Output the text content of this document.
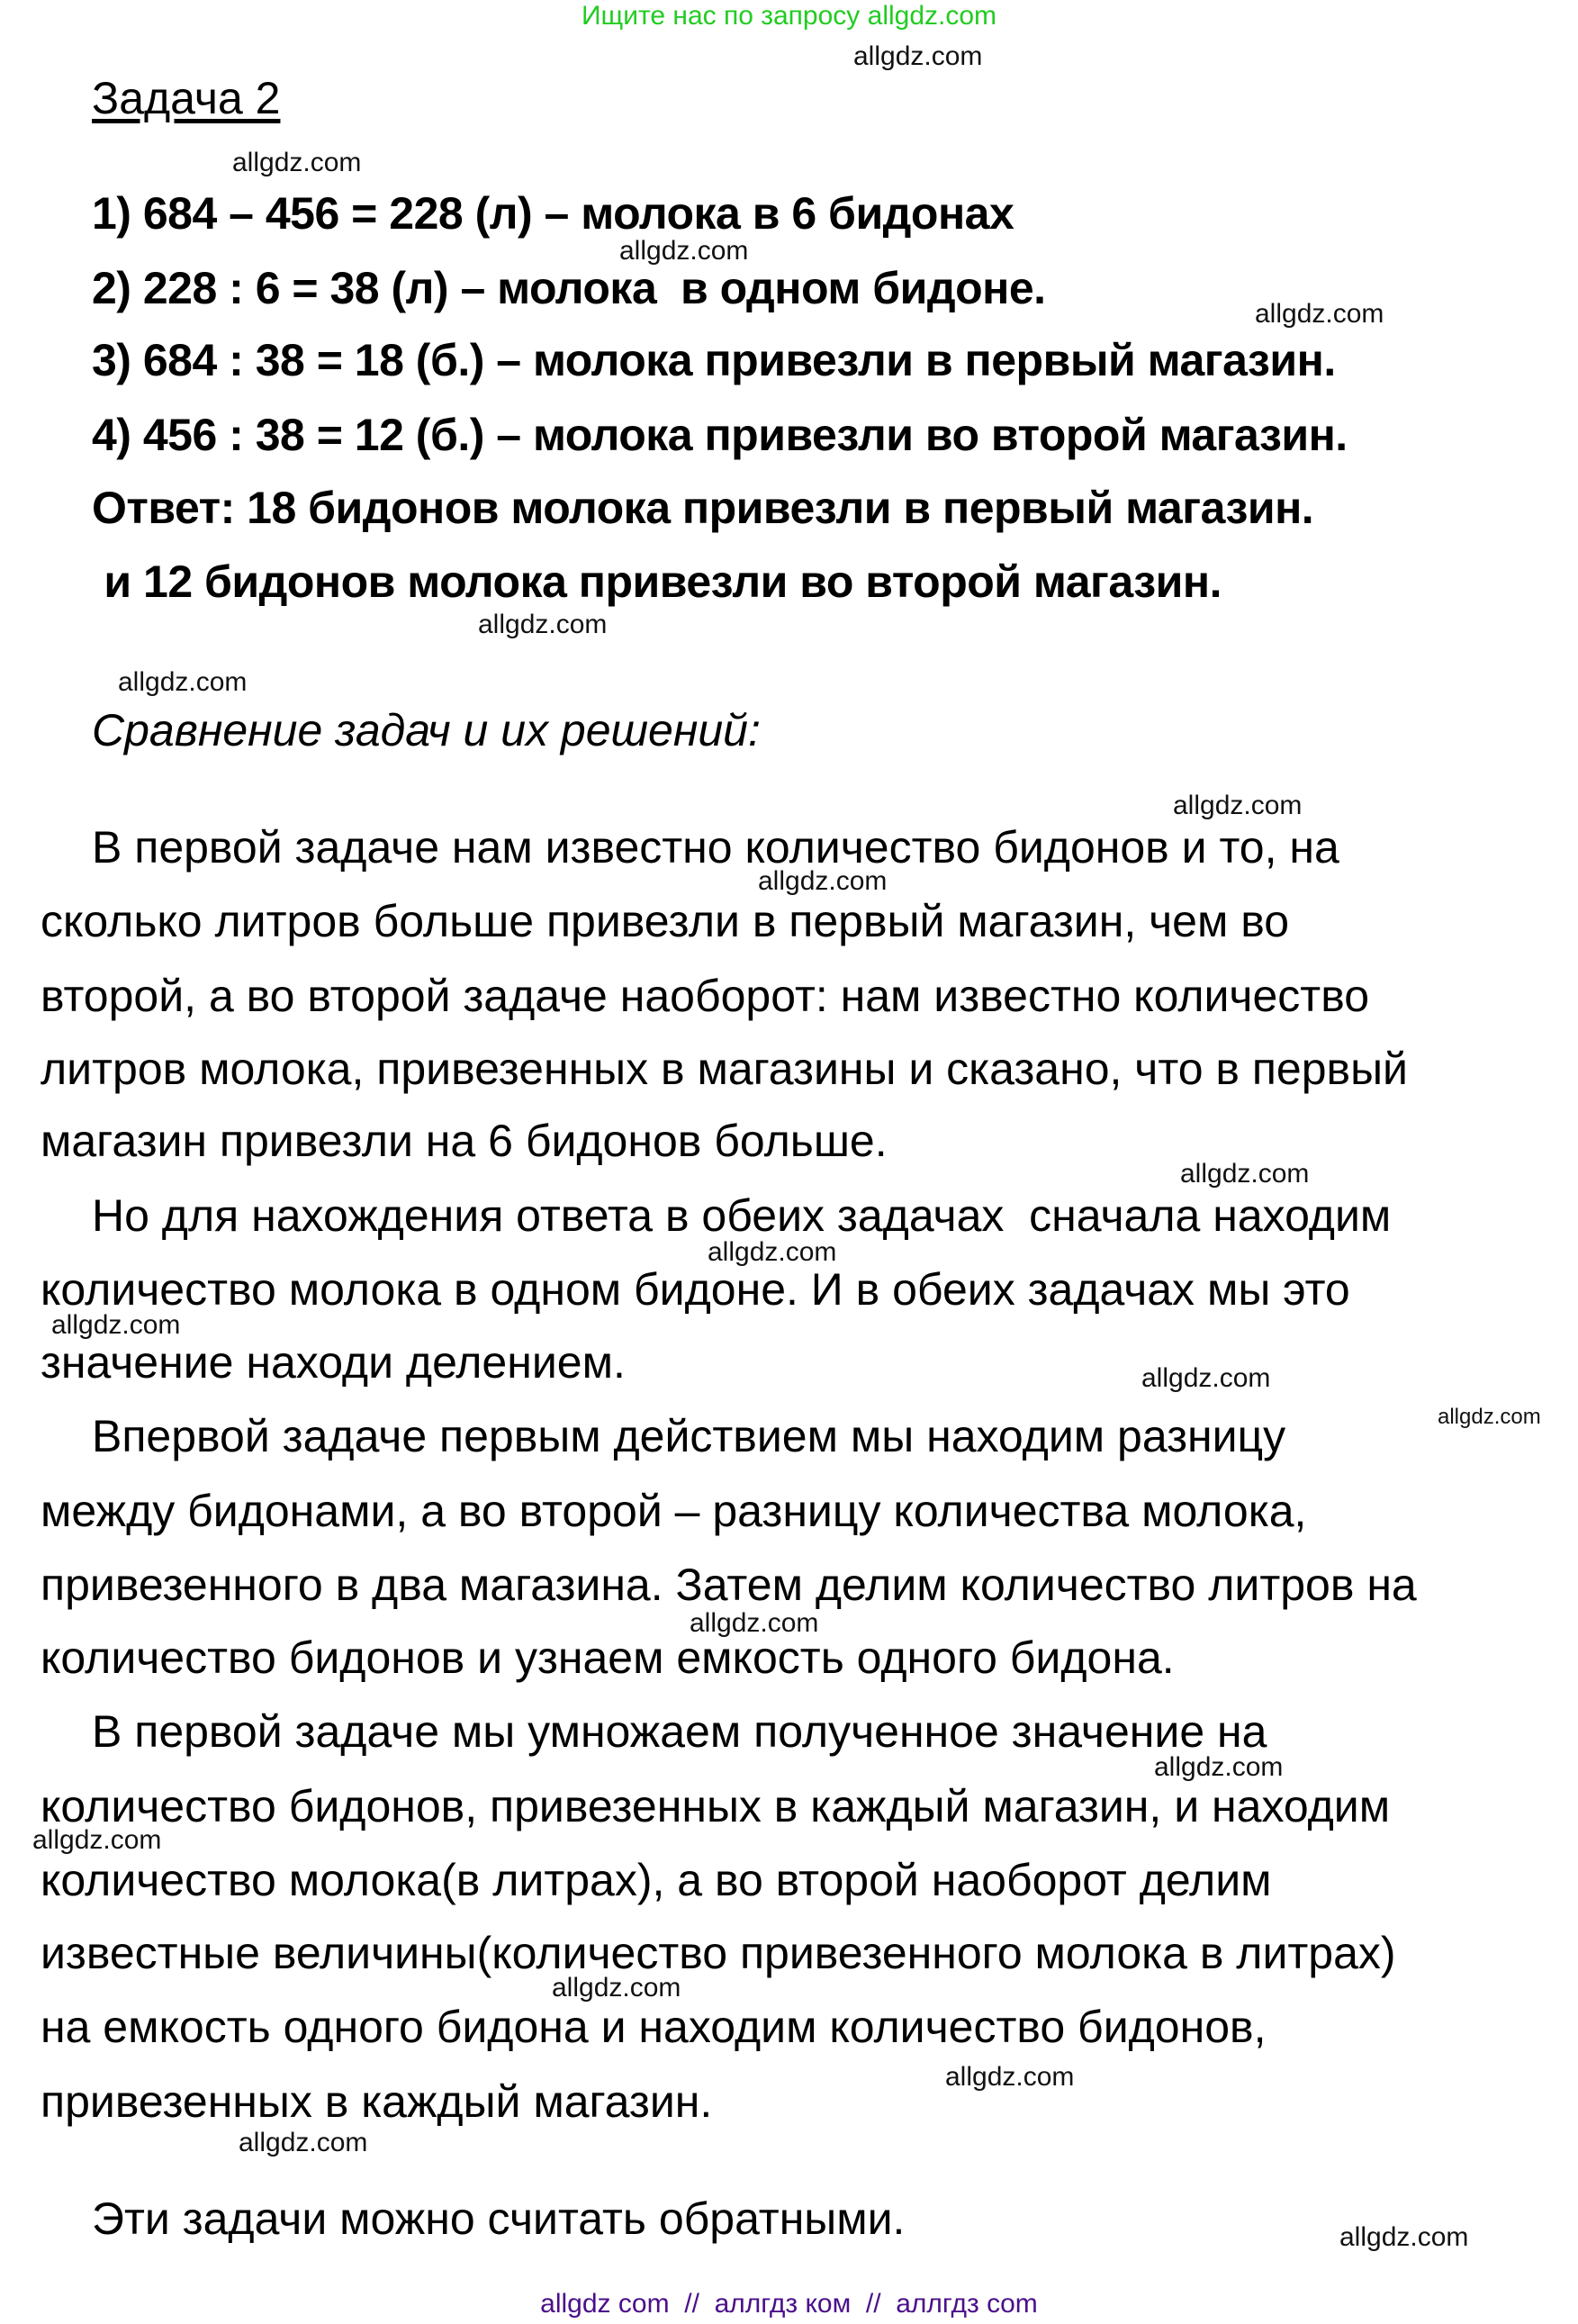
Ищите нас по запросу allgdz.com
Задача 2
1) 684 – 456 = 228 (л) – молока в 6 бидонах
2) 228 : 6 = 38 (л) – молока  в одном бидоне.
3) 684 : 38 = 18 (б.) – молока привезли в первый магазин.
4) 456 : 38 = 12 (б.) – молока привезли во второй магазин.
Ответ: 18 бидонов молока привезли в первый магазин.
и 12 бидонов молока привезли во второй магазин.
Сравнение задач и их решений:
В первой задаче нам известно количество бидонов и то, на
сколько литров больше привезли в первый магазин, чем во
второй, а во второй задаче наоборот: нам известно количество
литров молока, привезенных в магазины и сказано, что в первый
магазин привезли на 6 бидонов больше.
Но для нахождения ответа в обеих задачах  сначала находим
количество молока в одном бидоне. И в обеих задачах мы это
значение находи делением.
Впервой задаче первым действием мы находим разницу
между бидонами, а во второй – разницу количества молока,
привезенного в два магазина. Затем делим количество литров на
количество бидонов и узнаем емкость одного бидона.
В первой задаче мы умножаем полученное значение на
количество бидонов, привезенных в каждый магазин, и находим
количество молока(в литрах), а во второй наоборот делим
известные величины(количество привезенного молока в литрах)
на емкость одного бидона и находим количество бидонов,
привезенных в каждый магазин.
Эти задачи можно считать обратными.
allgdz.com
allgdz.com
allgdz.com
allgdz.com
allgdz.com
allgdz.com
allgdz.com
allgdz.com
allgdz.com
allgdz.com
allgdz.com
allgdz.com
allgdz.com
allgdz.com
allgdz.com
allgdz.com
allgdz.com
allgdz.com
allgdz.com
allgdz.com
allgdz com  //  аллгдз ком  //  аллгдз com
